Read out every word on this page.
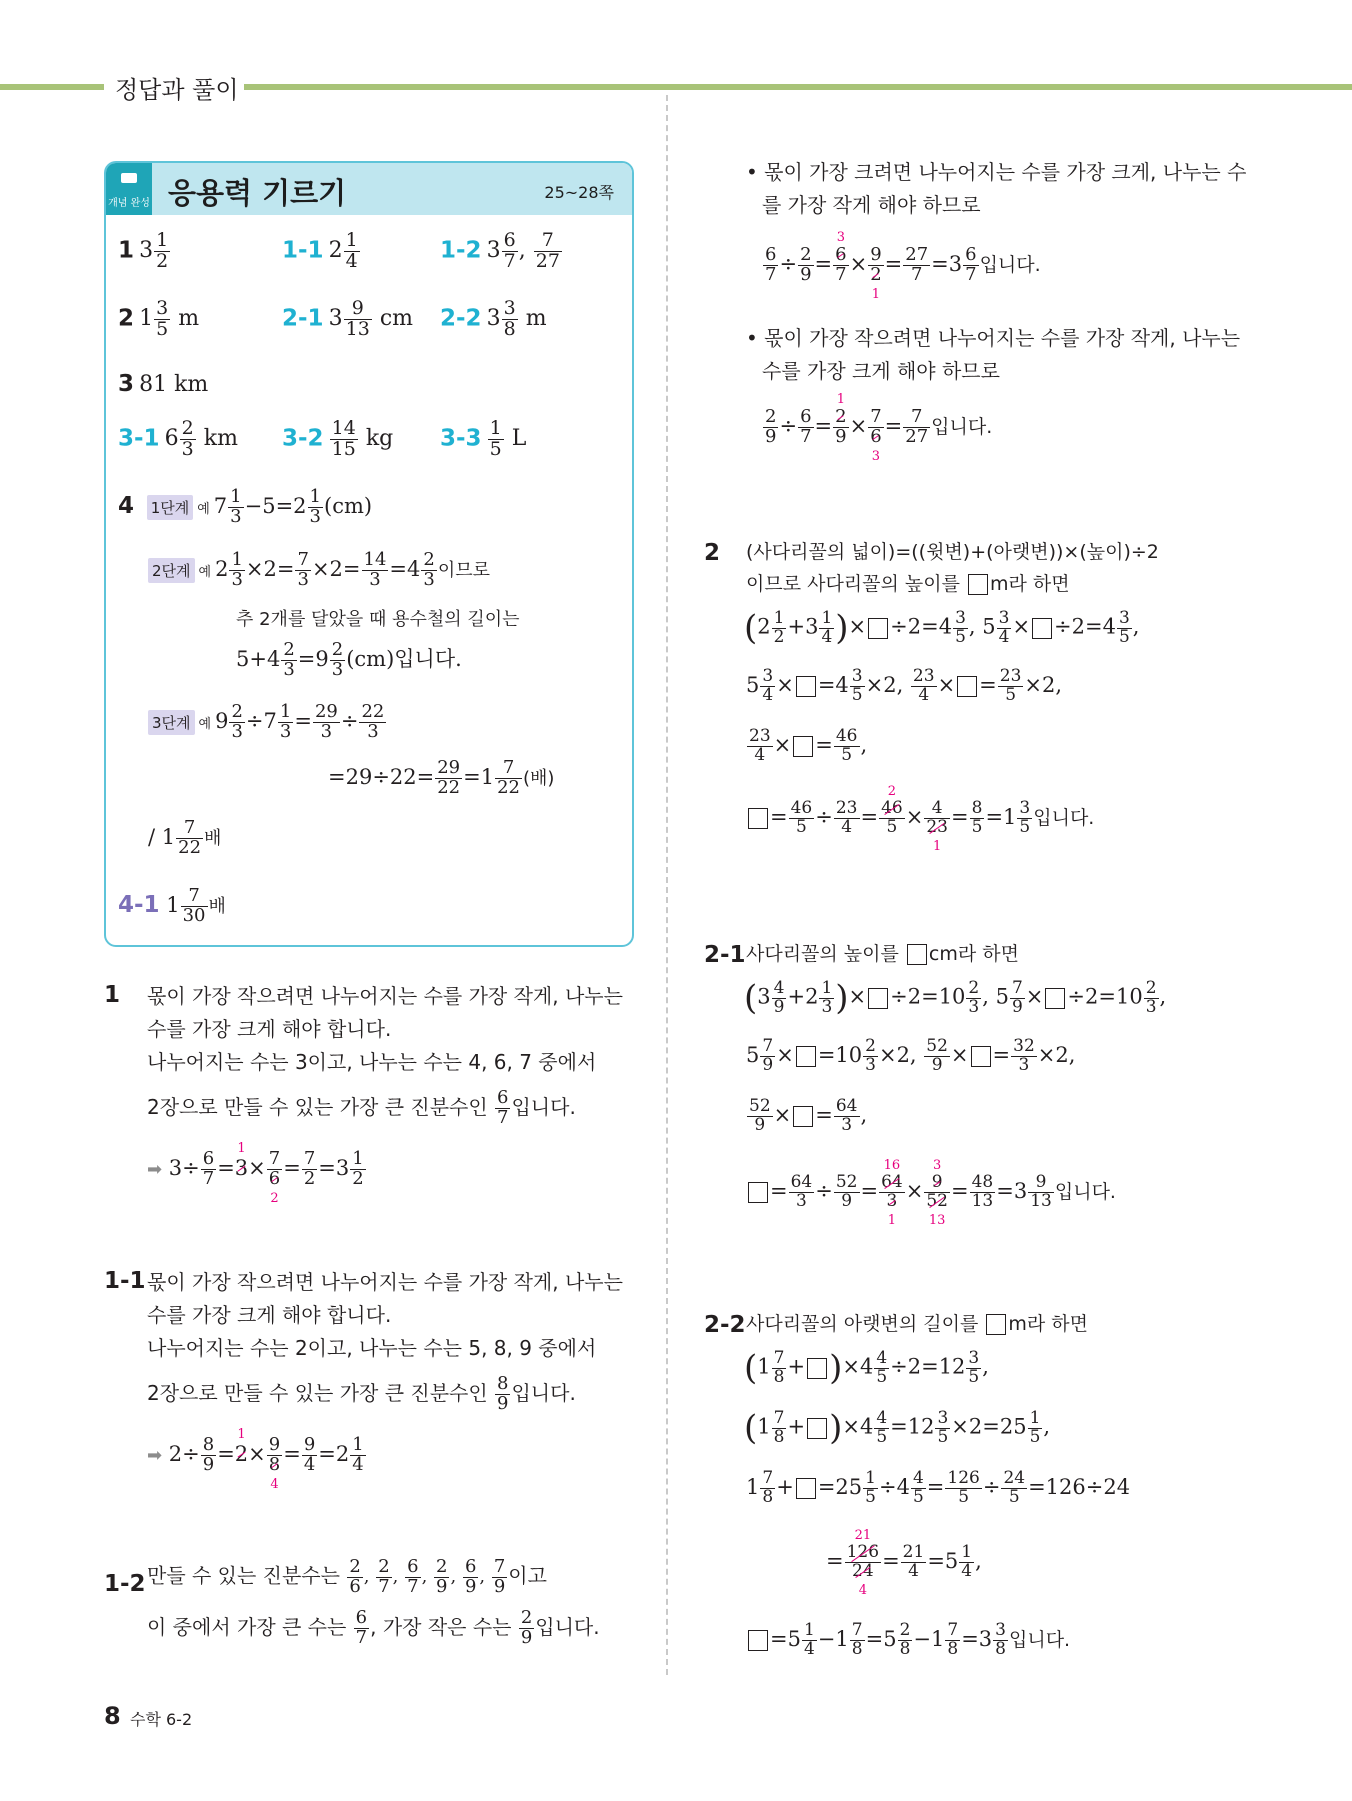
정답과 풀이
개념 완성 응용력 기르기	25~28쪽
1 $3 \frac{1}{2}$	1-1 $2 \frac{1}{4}$	1-2 $3 \frac{6}{7}$ , $\frac{7}{27}$
2 $1 \frac{3}{5}$ m	2-1 $3 \frac{9}{13}$ cm 2-2 $3 \frac{3}{8}$ m
3 81 km
3-1 $6 \frac{2}{3}$ km $3-2 \frac{14}{15}$ kg $3-3 \frac{1}{5}$ L
4 1단계 예 $7 \frac{1}{3} -5=2 \frac{1}{3} (cm)$
2단계 예 $2 \frac{1}{3} \times 2= \frac{7}{3} \times 2= \frac{14}{3} =4 \frac{2}{3}$ 이므로
추 2개를 달았을 때 용수철의 길이는
$5+4 \frac{2}{3} =9 \frac{2}{3} (cm)$입니다.
3단계 예 $9 \frac{2}{3} \div 7 \frac{1}{3} = \frac{29}{3} \div \frac{22}{3}$
$=29\div 22= \frac{29}{22} =1 \frac{7}{22}$ (배)
/ $1 \frac{7}{22}$ 배
4-1 $1 \frac{7}{30}$ 배
1 몫이 가장 작으려면 나누어지는 수를 가장 작게, 나누는
수를 가장 크게 해야 합니다.
나누어지는 수는 3이고, 나누는 수는 4, 6, 7 중에서
2장으로 만들 수 있는 가장 큰 진분수인 $\frac{6}{7}$ 입니다.
➡ $3\div \frac{6}{7}$ =
1
3× 7
6
$2 = \frac{7}{2} =3 \frac{1}{2}$
1-1 몫이 가장 작으려면 나누어지는 수를 가장 작게, 나누는
수를 가장 크게 해야 합니다.
나누어지는 수는 2이고, 나누는 수는 5, 8, 9 중에서
2장으로 만들 수 있는 가장 큰 진분수인 $\frac{8}{9}$ 입니다.
➡ $2\div \frac{8}{9}$ =
1
2× 9
8
$4 = \frac{9}{4} =2 \frac{1}{4}$
1-2 만들 수 있는 진분수는 $\frac{2}{6}$ , $\frac{2}{7}$ , $\frac{6}{7}$ , $\frac{2}{9}$ , $\frac{6}{9}$ , $\frac{7}{9}$ 이고
이 중에서 가장 큰 수는 $\frac{6}{7}$ , 가장 작은 수는 $\frac{2}{9}$ 입니다.
• 몫이 가장 크려면 나누어지는 수를 가장 크게, 나누는 수
를 가장 작게 해야 하므로
$\frac{6}{7} \div \frac{2}{9} = 3$
6
7 × 9
2
$1 = \frac{27}{7} =3 \frac{6}{7}$ 입니다.
• 몫이 가장 작으려면 나누어지는 수를 가장 작게, 나누는
수를 가장 크게 해야 하므로
$\frac{2}{9} \div \frac{6}{7} = 1$
2
9 × 7
6
$3 = \frac{7}{27}$ 입니다.
2 (사다리꼴의 넓이)=((윗변)+(아랫변))×(높이)÷2
이므로 사다리꼴의 높이를 m라 하면
($2 \frac{1}{2} +3 \frac{1}{4}$ )× $\div 2=4 \frac{3}{5}$ , $5 \frac{3}{4} \times \div 2=4 \frac{3}{5}$ ,
$5 \frac{3}{4} \times =4 \frac{3}{5} \times 2$, $\frac{23}{4}$ × = $\frac{23}{5} \times 2$,
$\frac{23}{4}$ × = $\frac{46}{5}$ ,
= $\frac{46}{5} \div \frac{23}{4} = 2$
46
5 × 4
23
$1 = \frac{8}{5} =1 \frac{3}{5}$ 입니다.
2-1 사다리꼴의 높이를 cm라 하면
($3 \frac{4}{9} +2 \frac{1}{3}$ )× $\div 2=10 \frac{2}{3}$ , $5 \frac{7}{9} \times \div 2=10 \frac{2}{3}$ ,
$5 \frac{7}{9} \times =10 \frac{2}{3} \times 2$, $\frac{52}{9}$ × = $\frac{32}{3} \times 2$,
$\frac{52}{9}$ × = $\frac{64}{3}$ ,
= $\frac{64}{3} \div \frac{52}{9} = 16$
64
3
1 × 3
9
52
$13 = \frac{48}{13} =3 \frac{9}{13}$ 입니다.
2-2 사다리꼴의 아랫변의 길이를 m라 하면
$(1 \frac{7}{8} + )\times 4 \frac{4}{5} \div 2=12 \frac{3}{5}$ ,
$(1 \frac{7}{8} + )\times 4 \frac{4}{5} =12 \frac{3}{5} \times 2=25 \frac{1}{5}$ ,
$1 \frac{7}{8} + =25 \frac{1}{5} \div 4 \frac{4}{5} = \frac{126}{5} \div \frac{24}{5} =126\div 24$
= 21
126
24
$4 = \frac{21}{4} =5 \frac{1}{4}$ ,
$=5 \frac{1}{4} -1 \frac{7}{8} =5 \frac{2}{8} -1 \frac{7}{8} =3 \frac{3}{8}$ 입니다.
8 수학 6-2
